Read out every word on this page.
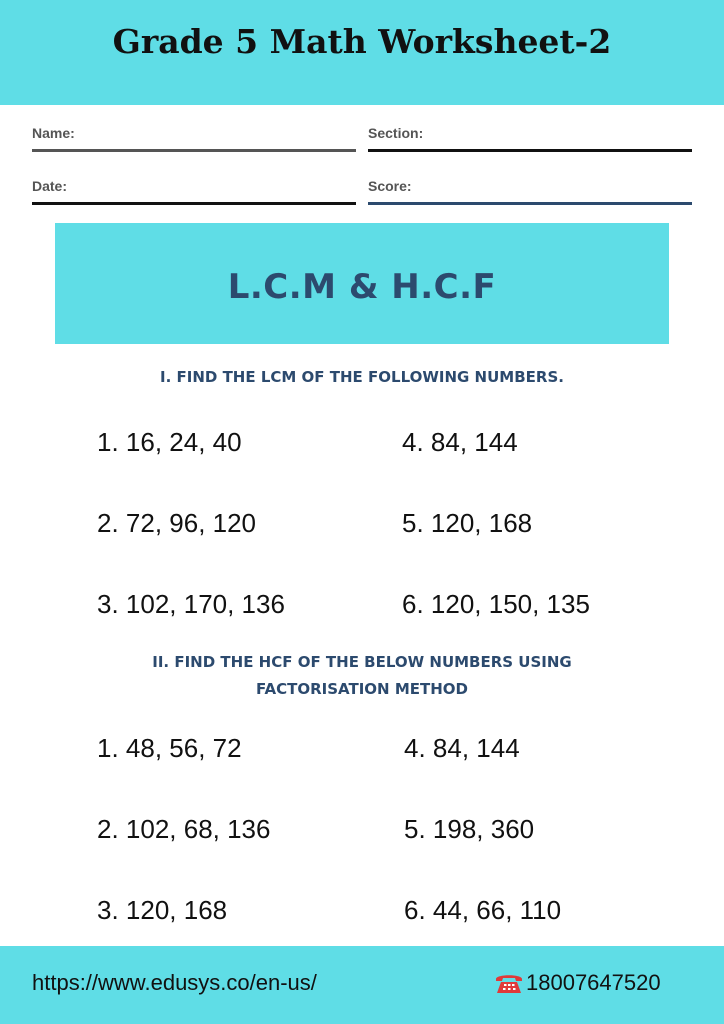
Grade 5 Math Worksheet-2
Name:	Section:
Date:	Score:
L.C.M & H.C.F
I. FIND THE LCM OF THE FOLLOWING NUMBERS.
1. 16, 24, 40
2. 72, 96, 120
3. 102, 170, 136
4. 84, 144
5. 120, 168
6. 120, 150, 135
II. FIND THE HCF OF THE BELOW NUMBERS USING
FACTORISATION METHOD
1. 48, 56, 72
2. 102, 68, 136
3. 120, 168
4. 84, 144
5. 198, 360
6. 44, 66, 110
https://www.edusys.co/en-us/	18007647520
